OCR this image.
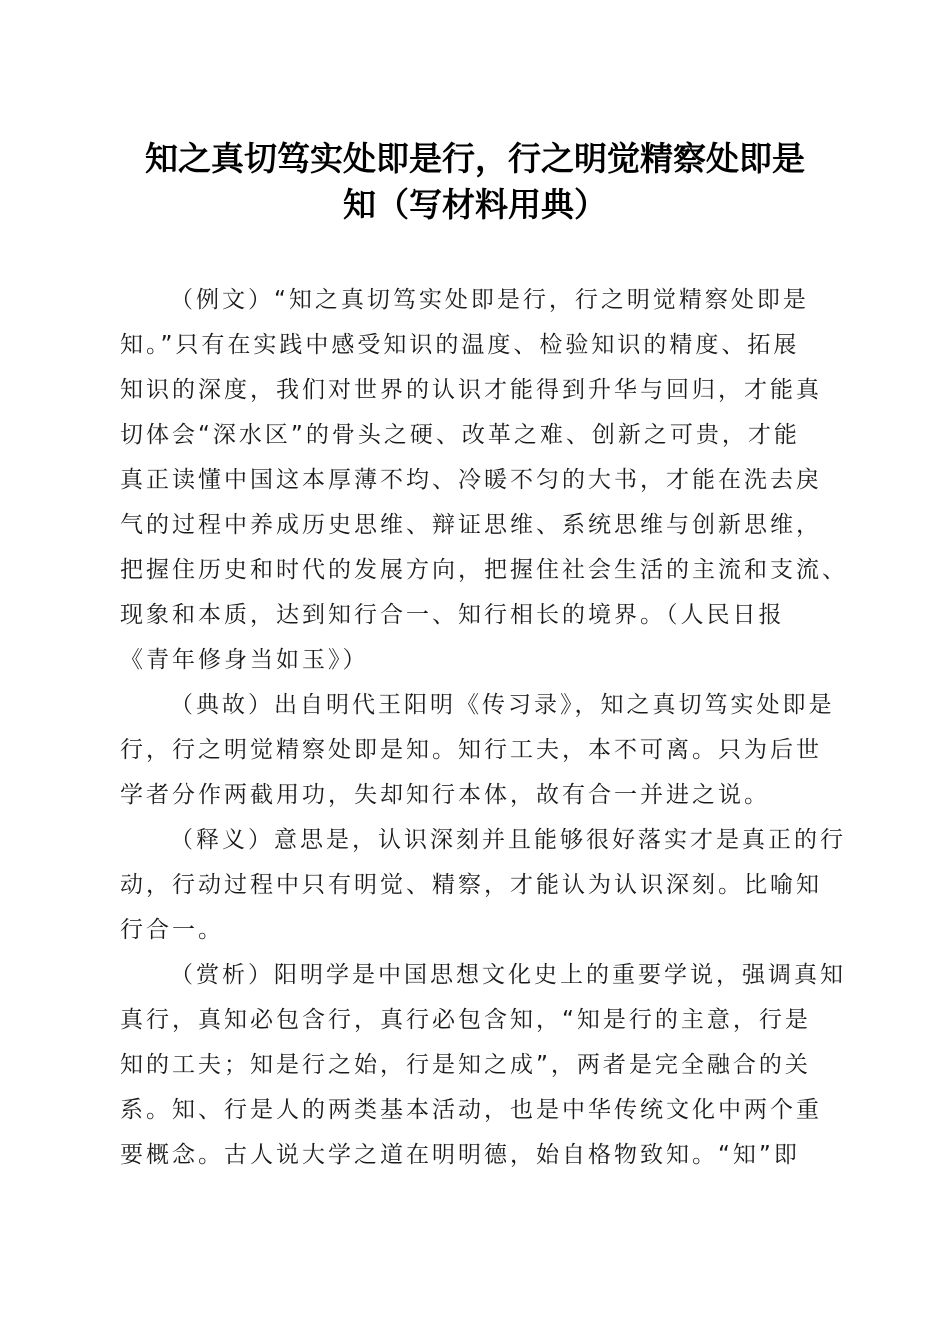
知之真切笃实处即是行，行之明觉精察处即是
知（写材料用典）

（例文）“知之真切笃实处即是行，行之明觉精察处即是
知。”只有在实践中感受知识的温度、检验知识的精度、拓展
知识的深度，我们对世界的认识才能得到升华与回归，才能真
切体会“深水区”的骨头之硬、改革之难、创新之可贵，才能
真正读懂中国这本厚薄不均、冷暖不匀的大书，才能在洗去戾
气的过程中养成历史思维、辩证思维、系统思维与创新思维，
把握住历史和时代的发展方向，把握住社会生活的主流和支流、
现象和本质，达到知行合一、知行相长的境界。（人民日报
《青年修身当如玉》）

（典故）出自明代王阳明《传习录》，知之真切笃实处即是
行，行之明觉精察处即是知。知行工夫，本不可离。只为后世
学者分作两截用功，失却知行本体，故有合一并进之说。

（释义）意思是，认识深刻并且能够很好落实才是真正的行
动，行动过程中只有明觉、精察，才能认为认识深刻。比喻知
行合一。

（赏析）阳明学是中国思想文化史上的重要学说，强调真知
真行，真知必包含行，真行必包含知，“知是行的主意，行是
知的工夫；知是行之始，行是知之成”，两者是完全融合的关
系。知、行是人的两类基本活动，也是中华传统文化中两个重
要概念。古人说大学之道在明明德，始自格物致知。“知”即
